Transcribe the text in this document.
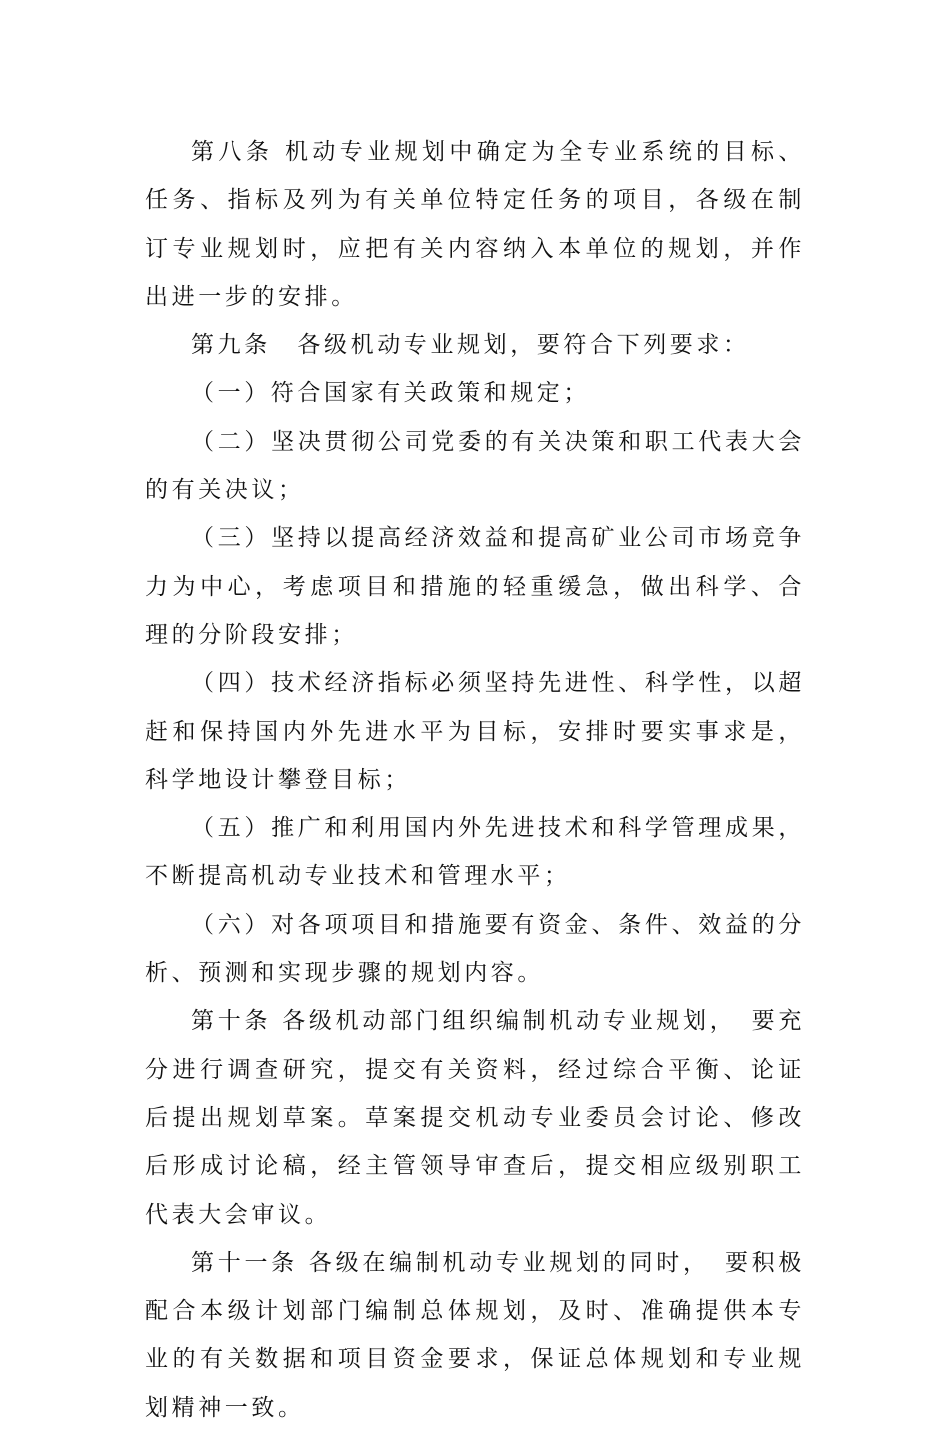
第八条 机动专业规划中确定为全专业系统的目标、任务、指标及列为有关单位特定任务的项目，各级在制订专业规划时，应把有关内容纳入本单位的规划，并作出进一步的安排。

第九条　各级机动专业规划，要符合下列要求：

（一）符合国家有关政策和规定；

（二）坚决贯彻公司党委的有关决策和职工代表大会的有关决议；

（三）坚持以提高经济效益和提高矿业公司市场竞争力为中心，考虑项目和措施的轻重缓急，做出科学、合理的分阶段安排；

（四）技术经济指标必须坚持先进性、科学性，以超赶和保持国内外先进水平为目标，安排时要实事求是，科学地设计攀登目标；

（五）推广和利用国内外先进技术和科学管理成果，不断提高机动专业技术和管理水平；

（六）对各项项目和措施要有资金、条件、效益的分析、预测和实现步骤的规划内容。

第十条 各级机动部门组织编制机动专业规划，　要充分进行调查研究，提交有关资料，经过综合平衡、论证后提出规划草案。草案提交机动专业委员会讨论、修改后形成讨论稿，经主管领导审查后，提交相应级别职工代表大会审议。

第十一条 各级在编制机动专业规划的同时，　要积极配合本级计划部门编制总体规划，及时、准确提供本专业的有关数据和项目资金要求，保证总体规划和专业规划精神一致。
